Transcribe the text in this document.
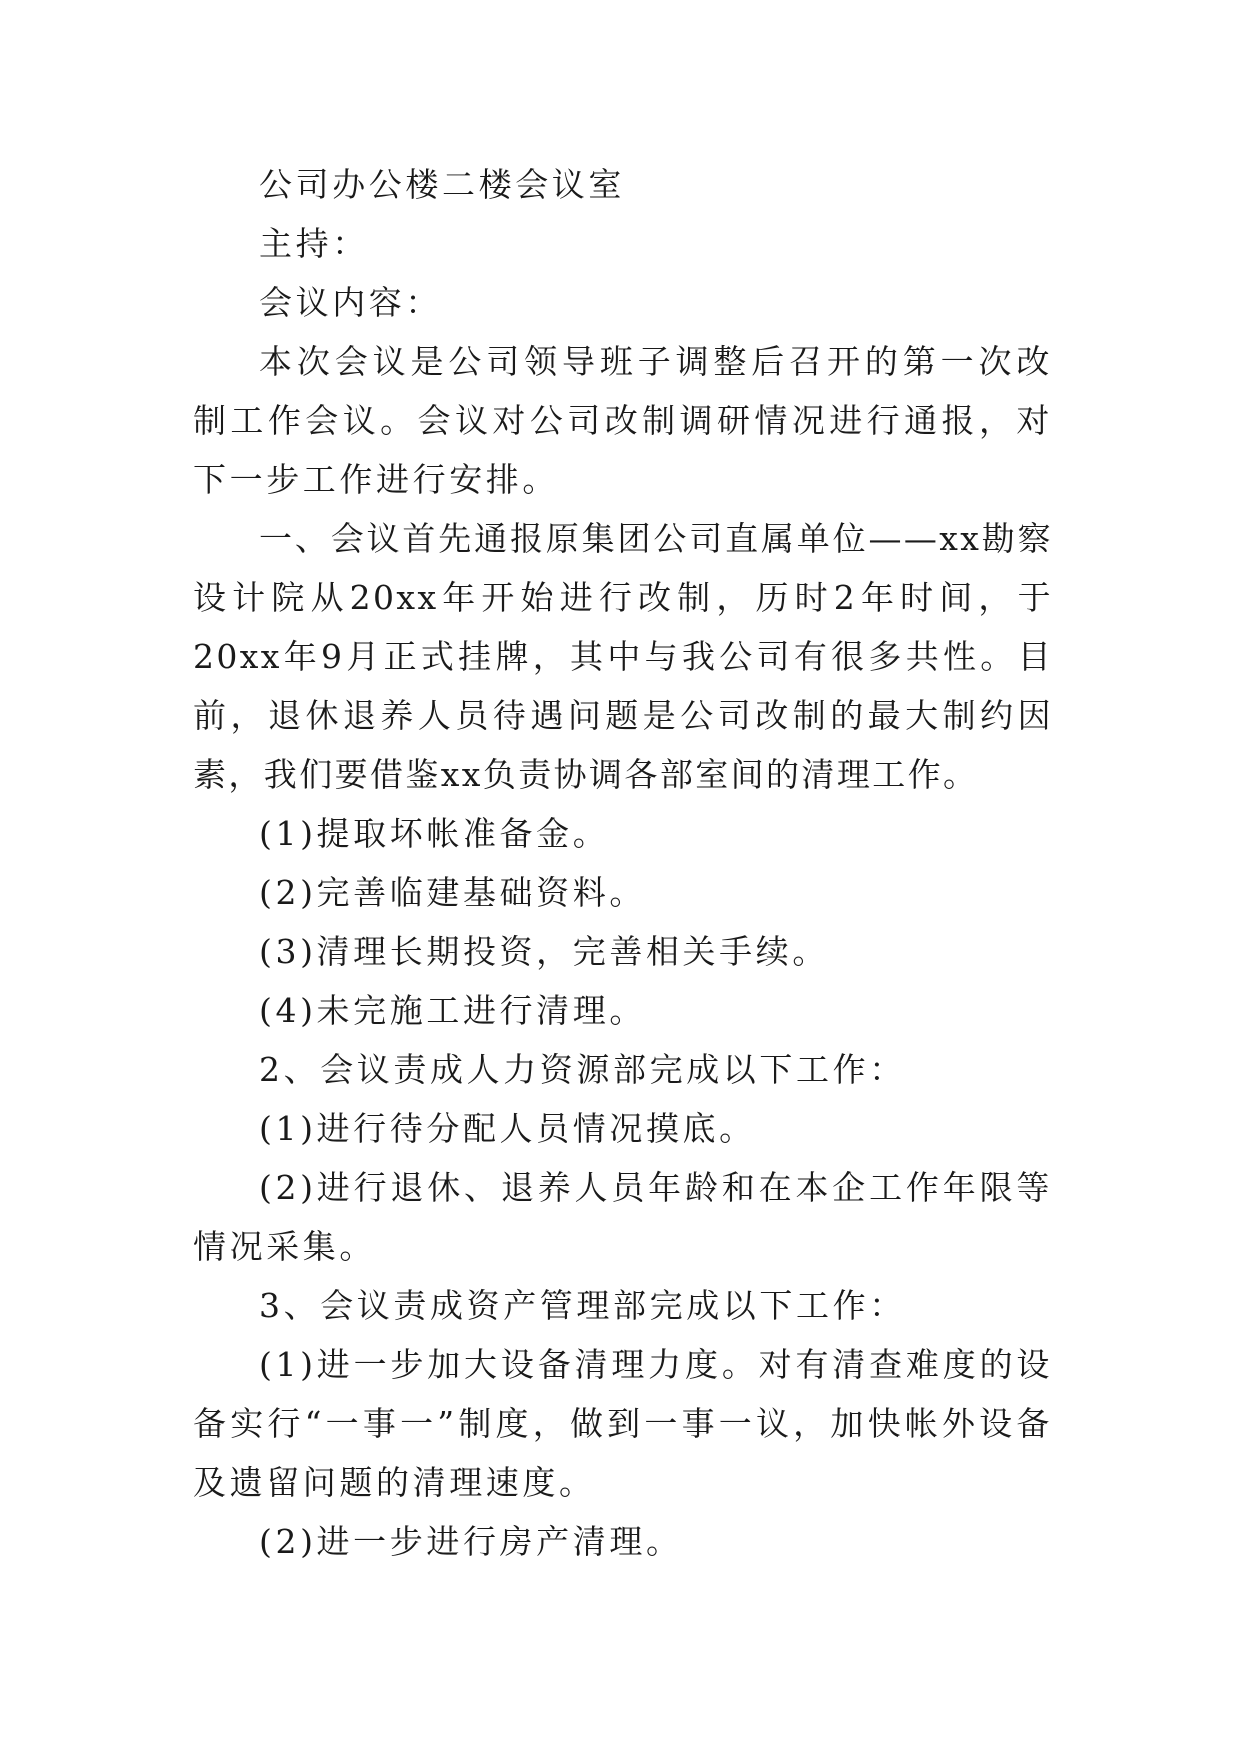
公司办公楼二楼会议室

主持：

会议内容：

本次会议是公司领导班子调整后召开的第一次改制工作会议。会议对公司改制调研情况进行通报，对下一步工作进行安排。

一、会议首先通报原集团公司直属单位——xx勘察设计院从20xx年开始进行改制，历时2年时间，于20xx年9月正式挂牌，其中与我公司有很多共性。目前，退休退养人员待遇问题是公司改制的最大制约因素，我们要借鉴xx负责协调各部室间的清理工作。

(1)提取坏帐准备金。

(2)完善临建基础资料。

(3)清理长期投资，完善相关手续。

(4)未完施工进行清理。

2、会议责成人力资源部完成以下工作：

(1)进行待分配人员情况摸底。

(2)进行退休、退养人员年龄和在本企工作年限等情况采集。

3、会议责成资产管理部完成以下工作：

(1)进一步加大设备清理力度。对有清查难度的设备实行“一事一”制度，做到一事一议，加快帐外设备及遗留问题的清理速度。

(2)进一步进行房产清理。
